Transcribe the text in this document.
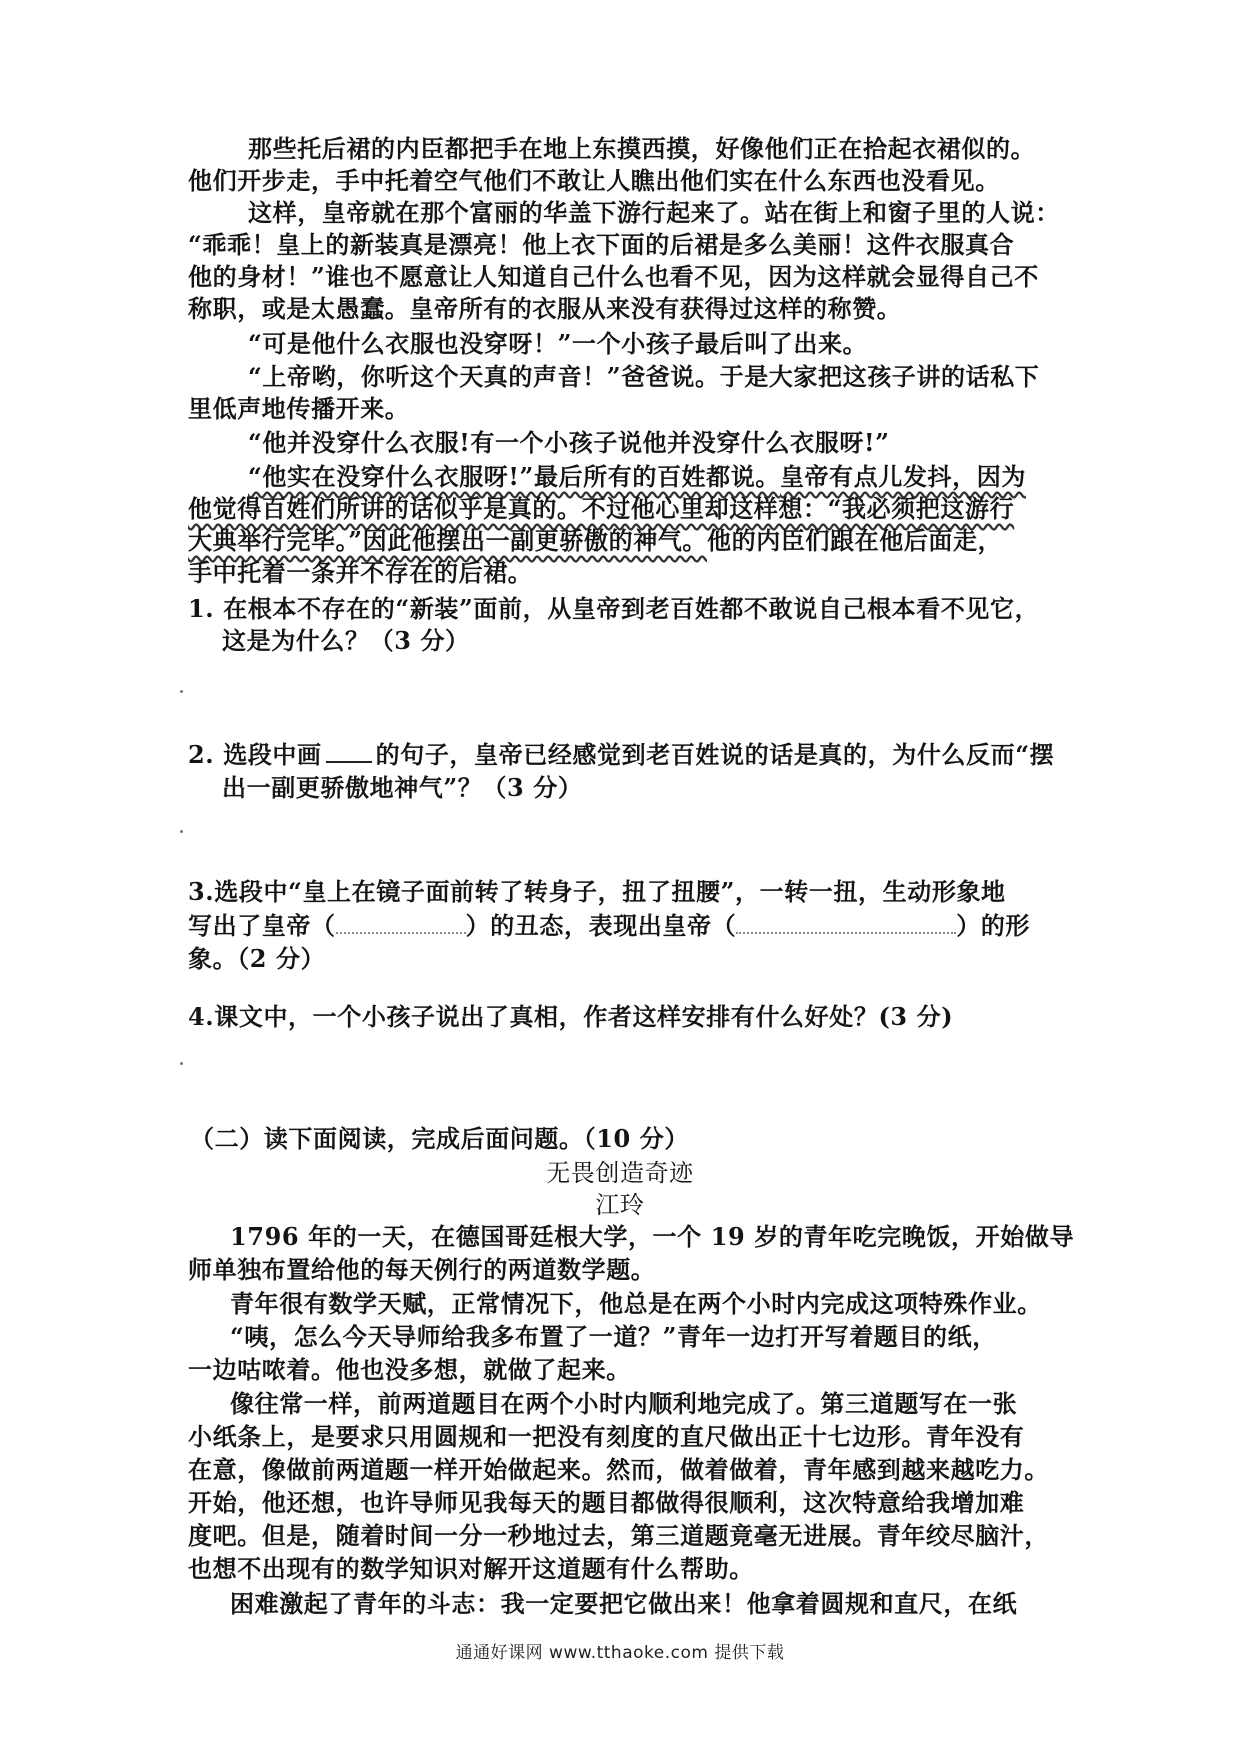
那些托后裙的内臣都把手在地上东摸西摸，好像他们正在拾起衣裙似的。
他们开步走，手中托着空气他们不敢让人瞧出他们实在什么东西也没看见。
这样，皇帝就在那个富丽的华盖下游行起来了。站在街上和窗子里的人说：
“乖乖！皇上的新装真是漂亮！他上衣下面的后裙是多么美丽！这件衣服真合
他的身材！”谁也不愿意让人知道自己什么也看不见，因为这样就会显得自己不
称职，或是太愚蠢。皇帝所有的衣服从来没有获得过这样的称赞。
“可是他什么衣服也没穿呀！”一个小孩子最后叫了出来。
“上帝哟，你听这个天真的声音！”爸爸说。于是大家把这孩子讲的话私下
里低声地传播开来。
“他并没穿什么衣服!有一个小孩子说他并没穿什么衣服呀!”
“他实在没穿什么衣服呀!”最后所有的百姓都说。皇帝有点儿发抖，因为
他觉得百姓们所讲的话似乎是真的。不过他心里却这样想：“我必须把这游行
大典举行完毕。”因此他摆出一副更骄傲的神气。他的内臣们跟在他后面走，
手中托着一条并不存在的后裙。
1. 在根本不存在的“新装”面前，从皇帝到老百姓都不敢说自己根本看不见它，
这是为什么？（3 分）
2. 选段中画 的句子，皇帝已经感觉到老百姓说的话是真的，为什么反而“摆
出一副更骄傲地神气”？（3 分）
3.选段中“皇上在镜子面前转了转身子，扭了扭腰”，一转一扭，生动形象地
写出了皇帝（	）的丑态，表现出皇帝（	）的形
象。（2 分）
4.课文中，一个小孩子说出了真相，作者这样安排有什么好处？(3 分)
（二）读下面阅读，完成后面问题。（10 分）
无畏创造奇迹
江玲
1796 年的一天，在德国哥廷根大学，一个 19 岁的青年吃完晚饭，开始做导
师单独布置给他的每天例行的两道数学题。
青年很有数学天赋，正常情况下，他总是在两个小时内完成这项特殊作业。
“咦，怎么今天导师给我多布置了一道？”青年一边打开写着题目的纸，
一边咕哝着。他也没多想，就做了起来。
像往常一样，前两道题目在两个小时内顺利地完成了。第三道题写在一张
小纸条上，是要求只用圆规和一把没有刻度的直尺做出正十七边形。青年没有
在意，像做前两道题一样开始做起来。然而，做着做着，青年感到越来越吃力。
开始，他还想，也许导师见我每天的题目都做得很顺利，这次特意给我增加难
度吧。但是，随着时间一分一秒地过去，第三道题竟毫无进展。青年绞尽脑汁，
也想不出现有的数学知识对解开这道题有什么帮助。
困难激起了青年的斗志：我一定要把它做出来！他拿着圆规和直尺，在纸
通通好课网 www.tthaoke.com 提供下载
